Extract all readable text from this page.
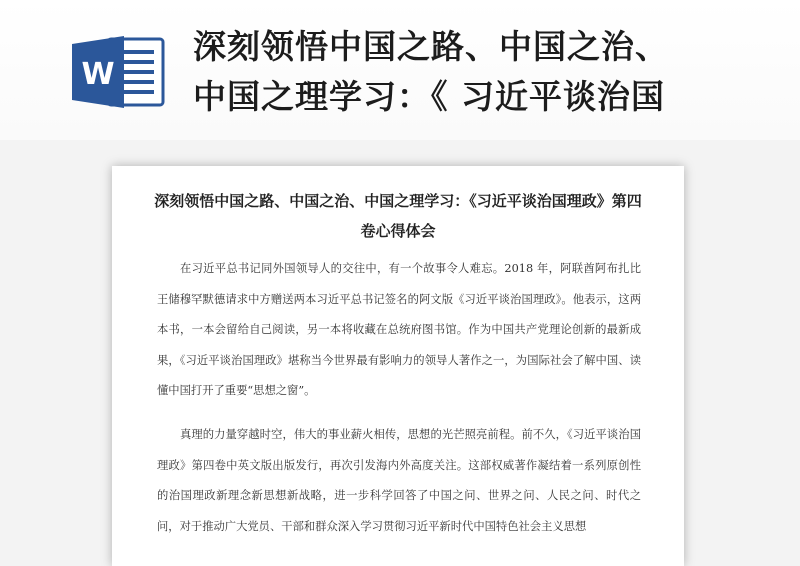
W

深刻领悟中国之路、中国之治、
中国之理学习：《 习近平谈治国

深刻领悟中国之路、中国之治、中国之理学习：《习近平谈治国理政》第四卷心得体会

在习近平总书记同外国领导人的交往中，有一个故事令人难忘。2018 年，阿联酋阿布扎比王储穆罕默德请求中方赠送两本习近平总书记签名的阿文版《习近平谈治国理政》。他表示，这两本书，一本会留给自己阅读，另一本将收藏在总统府图书馆。作为中国共产党理论创新的最新成果，《习近平谈治国理政》堪称当今世界最有影响力的领导人著作之一，为国际社会了解中国、读懂中国打开了重要“思想之窗”。

真理的力量穿越时空，伟大的事业薪火相传，思想的光芒照亮前程。前不久，《习近平谈治国理政》第四卷中英文版出版发行，再次引发海内外高度关注。这部权威著作凝结着一系列原创性的治国理政新理念新思想新战略，进一步科学回答了中国之问、世界之问、人民之问、时代之问，对于推动广大党员、干部和群众深入学习贯彻习近平新时代中国特色社会主义思想
